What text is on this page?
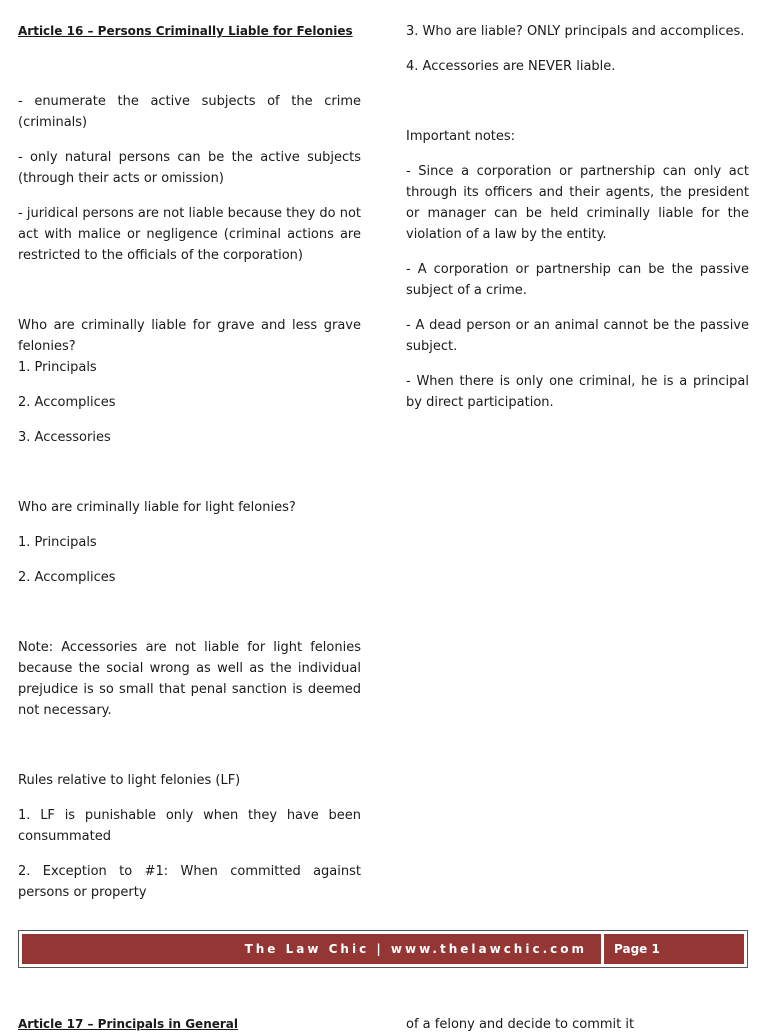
Article 16 – Persons Criminally Liable for Felonies

- enumerate the active subjects of the crime (criminals)

- only natural persons can be the active subjects (through their acts or omission)

- juridical persons are not liable because they do not act with malice or negligence (criminal actions are restricted to the officials of the corporation)

Who are criminally liable for grave and less grave felonies?

1. Principals

2. Accomplices

3. Accessories

Who are criminally liable for light felonies?

1. Principals

2. Accomplices

Note: Accessories are not liable for light felonies because the social wrong as well as the individual prejudice is so small that penal sanction is deemed not necessary.

Rules relative to light felonies (LF)

1. LF is punishable only when they have been consummated

2. Exception to #1: When committed against persons or property

3. Who are liable? ONLY principals and accomplices.

4. Accessories are NEVER liable.

Important notes:

- Since a corporation or partnership can only act through its officers and their agents, the president or manager can be held criminally liable for the violation of a law by the entity.

- A corporation or partnership can be the passive subject of a crime.

- A dead person or an animal cannot be the passive subject.

- When there is only one criminal, he is a principal by direct participation.

The Law Chic | www.thelawchic.com	Page 1
Article 17 – Principals in General	of a felony and decide to commit it
